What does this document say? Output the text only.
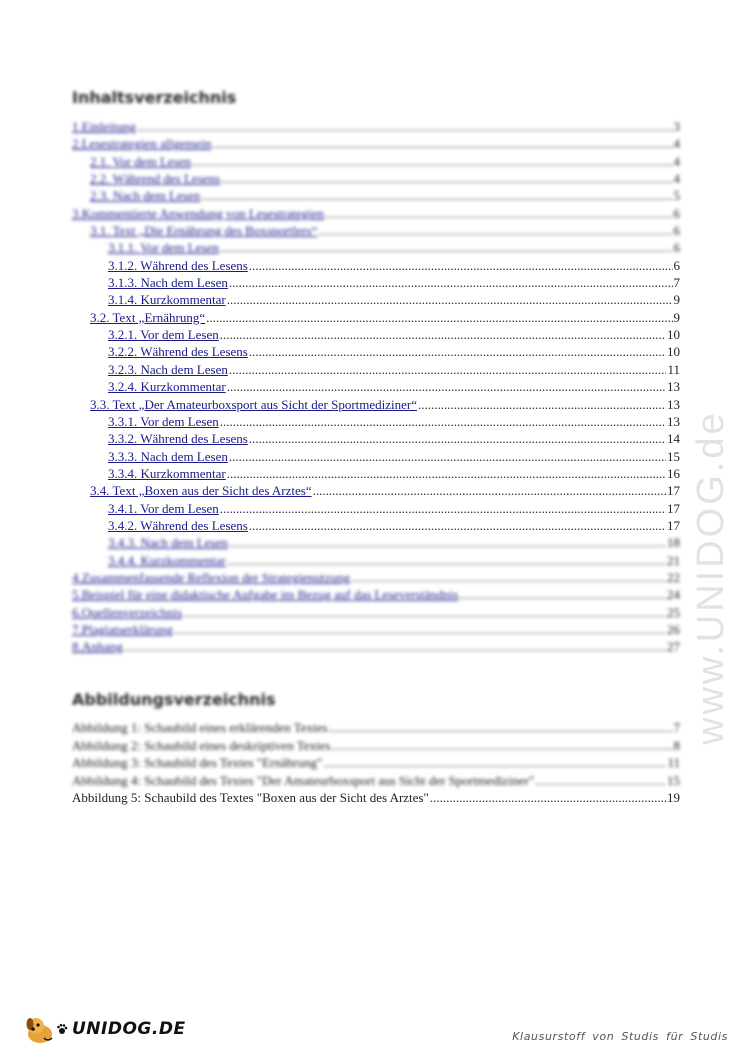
www.UNIDOG.de
Inhaltsverzeichnis
1.Einleitung .....	3
2.Lesestrategien allgemein .....	4
2.1. Vor dem Lesen .....	4
2.2. Während des Lesens .....	4
2.3. Nach dem Lesen .....	5
3.Kommentierte Anwendung von Lesestrategien .....	6
3.1. Text „Die Ernährung des Boxsportlers“ .....	6
3.1.1. Vor dem Lesen .....	6
3.1.2. Während des Lesens .....	6
3.1.3. Nach dem Lesen .....	7
3.1.4. Kurzkommentar .....	9
3.2. Text „Ernährung“ .....	9
3.2.1. Vor dem Lesen .....	10
3.2.2. Während des Lesens .....	10
3.2.3. Nach dem Lesen .....	11
3.2.4. Kurzkommentar .....	13
3.3. Text „Der Amateurboxsport aus Sicht der Sportmediziner“ .....	13
3.3.1. Vor dem Lesen .....	13
3.3.2. Während des Lesens .....	14
3.3.3. Nach dem Lesen .....	15
3.3.4. Kurzkommentar .....	16
3.4. Text „Boxen aus der Sicht des Arztes“ .....	17
3.4.1. Vor dem Lesen .....	17
3.4.2. Während des Lesens .....	17
3.4.3. Nach dem Lesen .....	18
3.4.4. Kurzkommentar .....	21
4.Zusammenfassende Reflexion der Strategienutzung .....	22
5.Beispiel für eine didaktische Aufgabe im Bezug auf das Leseverständnis .....	24
6.Quellenverzeichnis .....	25
7.Plagiatserklärung .....	26
8.Anhang .....	27
Abbildungsverzeichnis
Abbildung 1: Schaubild eines erklärenden Textes .....	7
Abbildung 2: Schaubild eines deskriptiven Textes .....	8
Abbildung 3: Schaubild des Textes "Ernährung" .....	11
Abbildung 4: Schaubild des Textes "Der Amateurboxsport aus Sicht der Sportmediziner" .....	15
Abbildung 5: Schaubild des Textes "Boxen aus der Sicht des Arztes" .....	19
UNIDOG.DE	Klausurstoff von Studis für Studis
